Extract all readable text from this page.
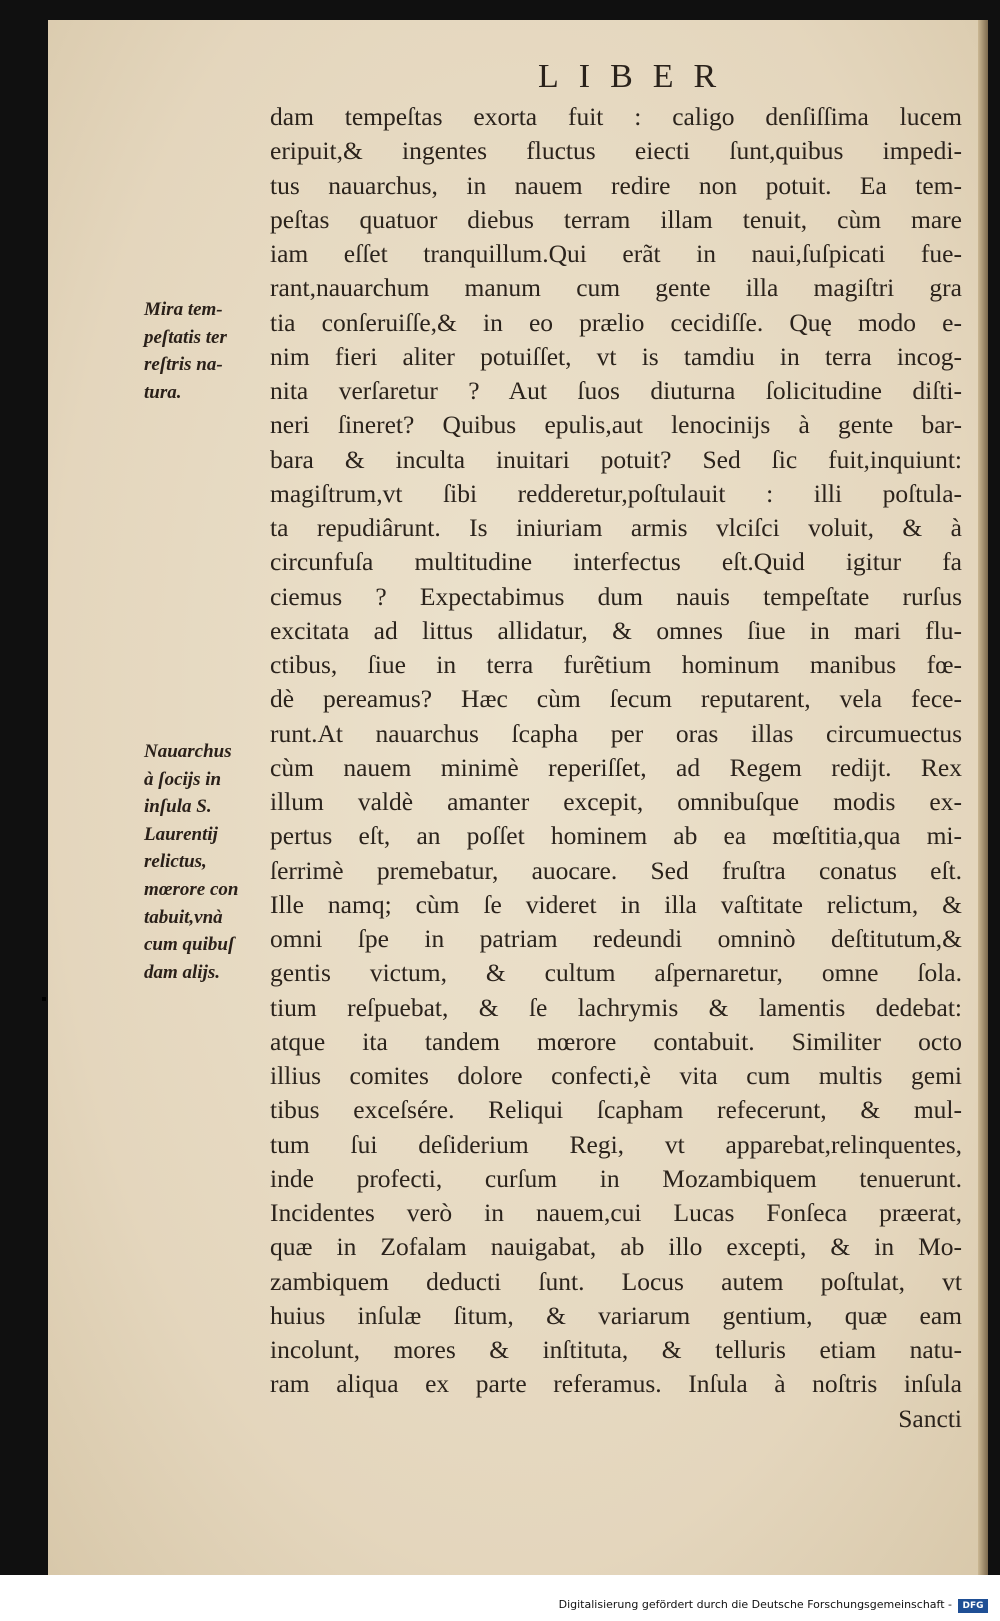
LIBER
dam tempeſtas exorta fuit : caligo denſiſſima lucem
eripuit,& ingentes fluctus eiecti ſunt,quibus impedi-
tus nauarchus, in nauem redire non potuit. Ea tem-
peſtas quatuor diebus terram illam tenuit, cùm mare
iam eſſet tranquillum.Qui erãt in naui,ſuſpicati fue-
rant,nauarchum manum cum gente illa magiſtri gra
tia conſeruiſſe,& in eo prælio cecidiſſe. Quę modo e-
nim fieri aliter potuiſſet, vt is tamdiu in terra incog-
nita verſaretur ? Aut ſuos diuturna ſolicitudine diſti-
neri ſineret? Quibus epulis,aut lenocinijs à gente bar-
bara & inculta inuitari potuit? Sed ſic fuit,inquiunt:
magiſtrum,vt ſibi redderetur,poſtulauit : illi poſtula-
ta repudiârunt. Is iniuriam armis vlciſci voluit, & à
circunfuſa multitudine interfectus eſt.Quid igitur fa
ciemus ? Expectabimus dum nauis tempeſtate rurſus
excitata ad littus allidatur, & omnes ſiue in mari flu-
ctibus, ſiue in terra furẽtium hominum manibus fœ-
dè pereamus? Hæc cùm ſecum reputarent, vela fece-
runt.At nauarchus ſcapha per oras illas circumuectus
cùm nauem minimè reperiſſet, ad Regem redijt. Rex
illum valdè amanter excepit, omnibuſque modis ex-
pertus eſt, an poſſet hominem ab ea mœſtitia,qua mi-
ſerrimè premebatur, auocare. Sed fruſtra conatus eſt.
Ille namq; cùm ſe videret in illa vaſtitate relictum, &
omni ſpe in patriam redeundi omninò deſtitutum,&
gentis victum, & cultum aſpernaretur, omne ſola.
tium reſpuebat, & ſe lachrymis & lamentis dedebat:
atque ita tandem mœrore contabuit. Similiter octo
illius comites dolore confecti,è vita cum multis gemi
tibus exceſsére. Reliqui ſcapham refecerunt, & mul-
tum ſui deſiderium Regi, vt apparebat,relinquentes,
inde profecti, curſum in Mozambiquem tenuerunt.
Incidentes verò in nauem,cui Lucas Fonſeca præerat,
quæ in Zofalam nauigabat, ab illo excepti, & in Mo-
zambiquem deducti ſunt. Locus autem poſtulat, vt
huius inſulæ ſitum, & variarum gentium, quæ eam
incolunt, mores & inſtituta, & telluris etiam natu-
ram aliqua ex parte referamus. Inſula à noſtris inſula
Sancti
Mira tem-
peſtatis ter
reſtris na-
tura.
Nauarchus
à ſocijs in
inſula S.
Laurentij
relictus,
mœrore con
tabuit,vnà
cum quibuſ
dam alijs.
Digitalisierung gefördert durch die Deutsche Forschungsgemeinschaft -	DFG
